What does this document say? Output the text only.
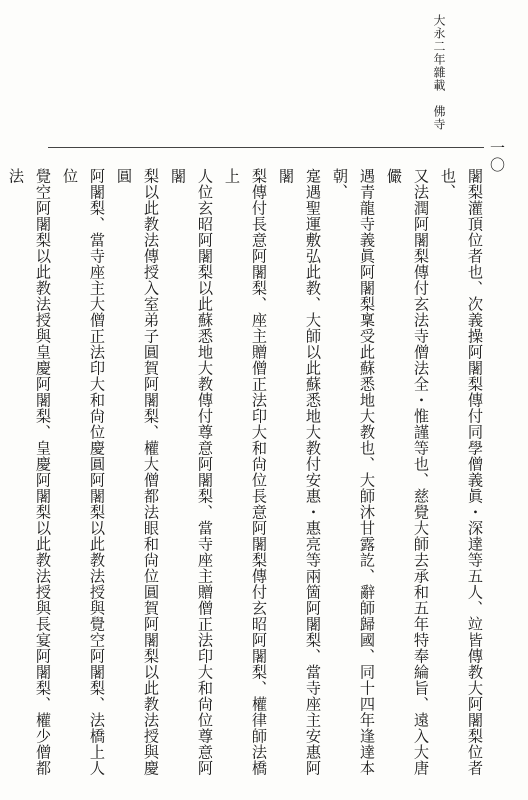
大永二年雜載　佛寺
一〇
闍梨灌頂位者也、次義操阿闍梨傳付同學僧義眞・深達等五人、竝皆傳教大阿闍梨位者也、
又法潤阿闍梨傳付玄法寺僧法全・惟謹等也、慈覺大師去承和五年特奉綸旨、遠入大唐儼
遇青龍寺義眞阿闍梨稟受此蘇悉地大教也、大師沐甘露訖、辭師歸國、同十四年逢達本朝、
寔遇聖運敷弘此教、大師以此蘇悉地大教付安惠・惠亮等兩箇阿闍梨、當寺座主安惠阿闍
梨傳付長意阿闍梨、座主贈僧正法印大和尙位長意阿闍梨傳付玄昭阿闍梨、權律師法橋上
人位玄昭阿闍梨以此蘇悉地大教傳付尊意阿闍梨、當寺座主贈僧正法印大和尙位尊意阿闍
梨以此教法傳授入室弟子圓賀阿闍梨、權大僧都法眼和尙位圓賀阿闍梨以此教法授與慶圓
阿闍梨、當寺座主大僧正法印大和尙位慶圓阿闍梨以此教法授與覺空阿闍梨、法橋上人位
覺空阿闍梨以此教法授與皇慶阿闍梨、皇慶阿闍梨以此教法授與長宴阿闍梨、權少僧都法
